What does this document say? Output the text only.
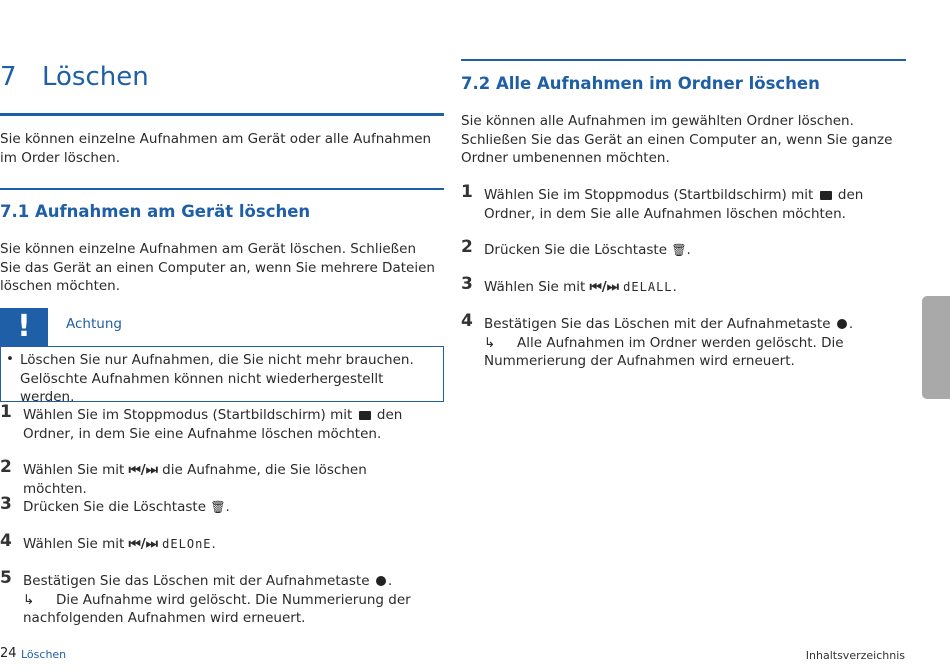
7 Löschen

Sie können einzelne Aufnahmen am Gerät oder alle Aufnahmen im Order löschen.

7.1 Aufnahmen am Gerät löschen

Sie können einzelne Aufnahmen am Gerät löschen. Schließen Sie das Gerät an einen Computer an, wenn Sie mehrere Dateien löschen möchten.

!	Achtung
• Löschen Sie nur Aufnahmen, die Sie nicht mehr brauchen. Gelöschte Aufnahmen können nicht wiederhergestellt werden.
1 Wählen Sie im Stoppmodus (Startbildschirm) mit den Ordner, in dem Sie eine Aufnahme löschen möchten.
2 Wählen Sie mit ⏮/⏭ die Aufnahme, die Sie löschen möchten.
3 Drücken Sie die Löschtaste 🗑.
4 Wählen Sie mit ⏮/⏭ dELOnE.
5 Bestätigen Sie das Löschen mit der Aufnahmetaste .
↳ Die Aufnahme wird gelöscht. Die Nummerierung der nachfolgenden Aufnahmen wird erneuert.
7.2 Alle Aufnahmen im Ordner löschen

Sie können alle Aufnahmen im gewählten Ordner löschen. Schließen Sie das Gerät an einen Computer an, wenn Sie ganze Ordner umbenennen möchten.

1 Wählen Sie im Stoppmodus (Startbildschirm) mit den Ordner, in dem Sie alle Aufnahmen löschen möchten.
2 Drücken Sie die Löschtaste 🗑.
3 Wählen Sie mit ⏮/⏭ dELALL.
4 Bestätigen Sie das Löschen mit der Aufnahmetaste .
↳ Alle Aufnahmen im Ordner werden gelöscht. Die Nummerierung der Aufnahmen wird erneuert.
24 Löschen	Inhaltsverzeichnis
